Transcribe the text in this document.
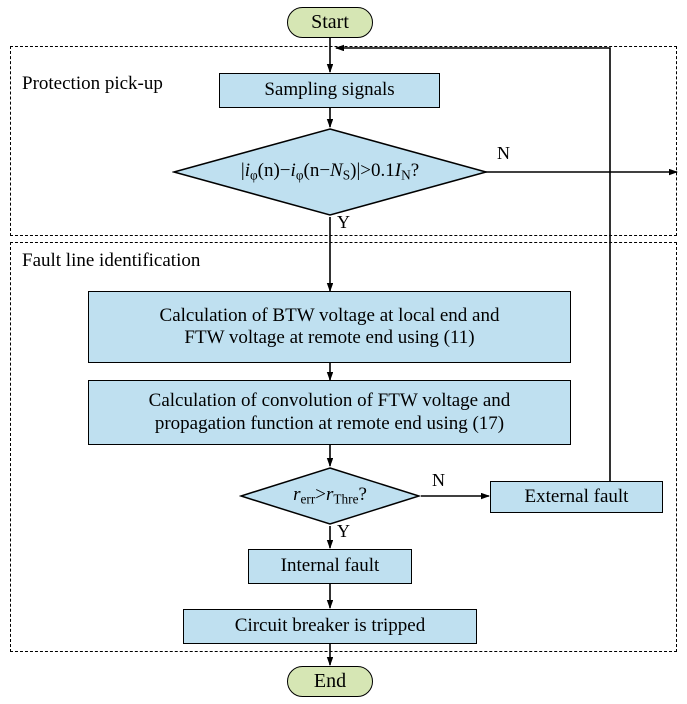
Start
Protection pick-up
Fault line identification
Sampling signals
$|i_\varphi(n)-i_\varphi(n-N_S)|>0.1I_N$?
N
Y
Calculation of BTW voltage at local end and
FTW voltage at remote end using (11)
Calculation of convolution of FTW voltage and
propagation function at remote end using (17)
$r_{err}>r_{Thre}$?
N
Y
External fault
Internal fault
Circuit breaker is tripped
End
